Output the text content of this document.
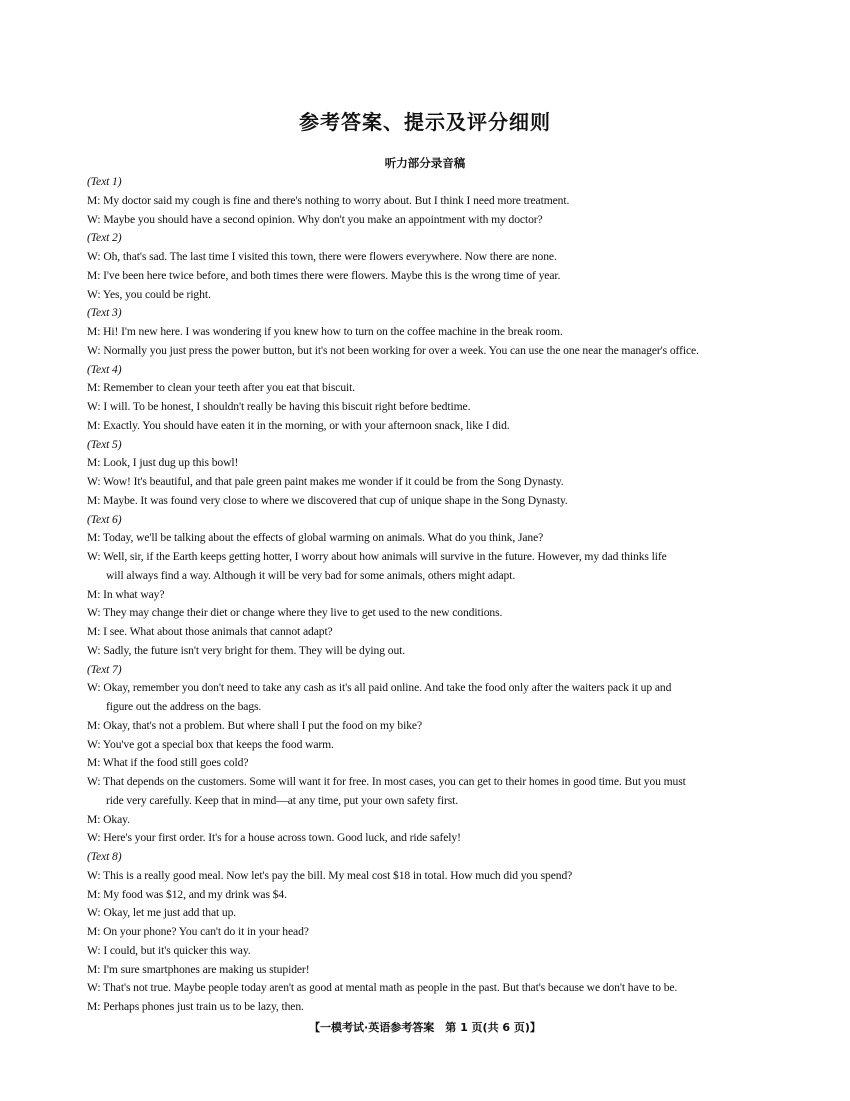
参考答案、提示及评分细则
听力部分录音稿
(Text 1)
M: My doctor said my cough is fine and there's nothing to worry about. But I think I need more treatment.
W: Maybe you should have a second opinion. Why don't you make an appointment with my doctor?
(Text 2)
W: Oh, that's sad. The last time I visited this town, there were flowers everywhere. Now there are none.
M: I've been here twice before, and both times there were flowers. Maybe this is the wrong time of year.
W: Yes, you could be right.
(Text 3)
M: Hi! I'm new here. I was wondering if you knew how to turn on the coffee machine in the break room.
W: Normally you just press the power button, but it's not been working for over a week. You can use the one near the manager's office.
(Text 4)
M: Remember to clean your teeth after you eat that biscuit.
W: I will. To be honest, I shouldn't really be having this biscuit right before bedtime.
M: Exactly. You should have eaten it in the morning, or with your afternoon snack, like I did.
(Text 5)
M: Look, I just dug up this bowl!
W: Wow! It's beautiful, and that pale green paint makes me wonder if it could be from the Song Dynasty.
M: Maybe. It was found very close to where we discovered that cup of unique shape in the Song Dynasty.
(Text 6)
M: Today, we'll be talking about the effects of global warming on animals. What do you think, Jane?
W: Well, sir, if the Earth keeps getting hotter, I worry about how animals will survive in the future. However, my dad thinks life
will always find a way. Although it will be very bad for some animals, others might adapt.
M: In what way?
W: They may change their diet or change where they live to get used to the new conditions.
M: I see. What about those animals that cannot adapt?
W: Sadly, the future isn't very bright for them. They will be dying out.
(Text 7)
W: Okay, remember you don't need to take any cash as it's all paid online. And take the food only after the waiters pack it up and
figure out the address on the bags.
M: Okay, that's not a problem. But where shall I put the food on my bike?
W: You've got a special box that keeps the food warm.
M: What if the food still goes cold?
W: That depends on the customers. Some will want it for free. In most cases, you can get to their homes in good time. But you must
ride very carefully. Keep that in mind—at any time, put your own safety first.
M: Okay.
W: Here's your first order. It's for a house across town. Good luck, and ride safely!
(Text 8)
W: This is a really good meal. Now let's pay the bill. My meal cost $18 in total. How much did you spend?
M: My food was $12, and my drink was $4.
W: Okay, let me just add that up.
M: On your phone? You can't do it in your head?
W: I could, but it's quicker this way.
M: I'm sure smartphones are making us stupider!
W: That's not true. Maybe people today aren't as good at mental math as people in the past. But that's because we don't have to be.
M: Perhaps phones just train us to be lazy, then.
【一模考试·英语参考答案　第 1 页(共 6 页)】
